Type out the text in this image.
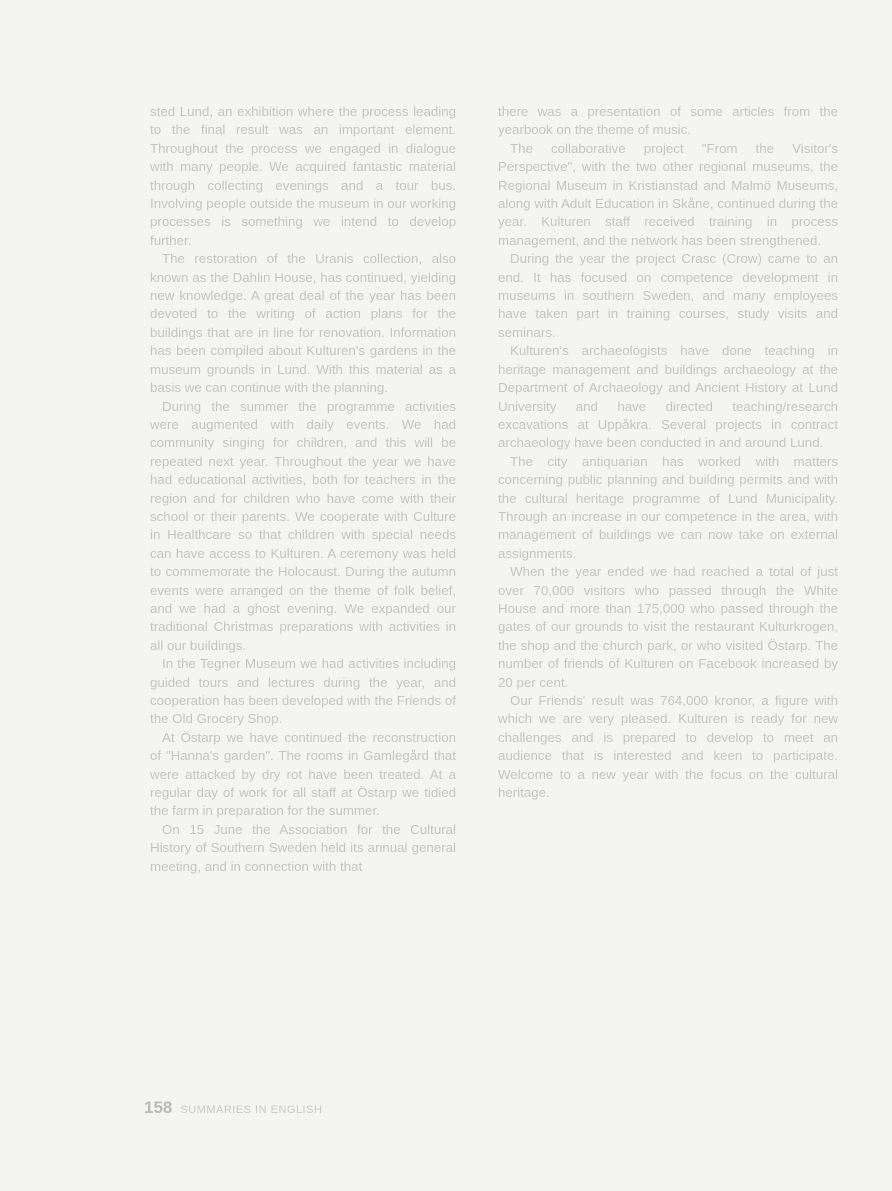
sted Lund, an exhibition where the process leading to the final result was an important element. Throughout the process we engaged in dialogue with many people. We acquired fantastic material through collecting evenings and a tour bus. Involving people outside the museum in our working processes is something we intend to develop further.

The restoration of the Uranis collection, also known as the Dahlin House, has continued, yielding new knowledge. A great deal of the year has been devoted to the writing of action plans for the buildings that are in line for renovation. Information has been compiled about Kulturen's gardens in the museum grounds in Lund. With this material as a basis we can continue with the planning.

During the summer the programme activities were augmented with daily events. We had community singing for children, and this will be repeated next year. Throughout the year we have had educational activities, both for teachers in the region and for children who have come with their school or their parents. We cooperate with Culture in Healthcare so that children with special needs can have access to Kulturen. A ceremony was held to commemorate the Holocaust. During the autumn events were arranged on the theme of folk belief, and we had a ghost evening. We expanded our traditional Christmas preparations with activities in all our buildings.

In the Tegner Museum we had activities including guided tours and lectures during the year, and cooperation has been developed with the Friends of the Old Grocery Shop.

At Östarp we have continued the reconstruction of "Hanna's garden". The rooms in Gamlegård that were attacked by dry rot have been treated. At a regular day of work for all staff at Östarp we tidied the farm in preparation for the summer.

On 15 June the Association for the Cultural History of Southern Sweden held its annual general meeting, and in connection with that

there was a presentation of some articles from the yearbook on the theme of music.

The collaborative project "From the Visitor's Perspective", with the two other regional museums, the Regional Museum in Kristianstad and Malmö Museums, along with Adult Education in Skåne, continued during the year. Kulturen staff received training in process management, and the network has been strengthened.

During the year the project Crasc (Crow) came to an end. It has focused on competence development in museums in southern Sweden, and many employees have taken part in training courses, study visits and seminars.

Kulturen's archaeologists have done teaching in heritage management and buildings archaeology at the Department of Archaeology and Ancient History at Lund University and have directed teaching/research excavations at Uppåkra. Several projects in contract archaeology have been conducted in and around Lund.

The city antiquarian has worked with matters concerning public planning and building permits and with the cultural heritage programme of Lund Municipality. Through an increase in our competence in the area, with management of buildings we can now take on external assignments.

When the year ended we had reached a total of just over 70,000 visitors who passed through the White House and more than 175,000 who passed through the gates of our grounds to visit the restaurant Kulturkrogen, the shop and the church park, or who visited Östarp. The number of friends of Kulturen on Facebook increased by 20 per cent.

Our Friends' result was 764,000 kronor, a figure with which we are very pleased. Kulturen is ready for new challenges and is prepared to develop to meet an audience that is interested and keen to participate. Welcome to a new year with the focus on the cultural heritage.

158 SUMMARIES IN ENGLISH
